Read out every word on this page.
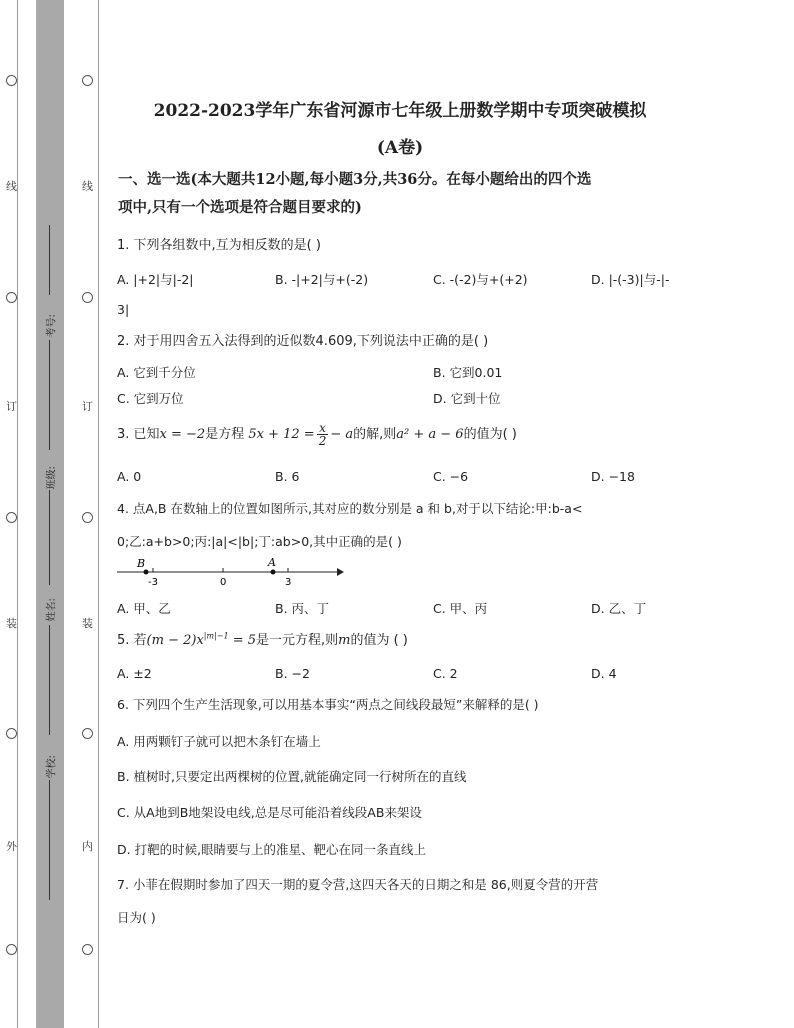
线
订
装
外
线
订
装
内
考号:
班级:
姓名:
学校:
2022-2023学年广东省河源市七年级上册数学期中专项突破模拟
(A卷)
一、选一选(本大题共12小题,每小题3分,共36分。在每小题给出的四个选
项中,只有一个选项是符合题目要求的)
1. 下列各组数中,互为相反数的是( )
A. |+2|与|-2|	B. -|+2|与+(-2)	C. -(-2)与+(+2)	D. |-(-3)|与-|-
3|
2. 对于用四舍五入法得到的近似数4.609,下列说法中正确的是( )
A. 它到千分位	B. 它到0.01
C. 它到万位	D. 它到十位
3. 已知x = −2是方程 $5x + 12 = \frac{x}{2} - a$的解,则a² + a − 6的值为( )
A. 0	B. 6	C. −6	D. −18
4. 点A,B 在数轴上的位置如图所示,其对应的数分别是 a 和 b,对于以下结论:甲:b-a<
0;乙:a+b>0;丙:|a|<|b|;丁:ab>0,其中正确的是( )
B	A
-3	0	3
A. 甲、乙	B. 丙、丁	C. 甲、丙	D. 乙、丁
5. 若$(m - 2)x^{|m|-1} = 5$是一元方程,则m的值为 ( )
A. ±2	B. −2	C. 2	D. 4
6. 下列四个生产生活现象,可以用基本事实“两点之间线段最短”来解释的是( )
A. 用两颗钉子就可以把木条钉在墙上
B. 植树时,只要定出两棵树的位置,就能确定同一行树所在的直线
C. 从A地到B地架设电线,总是尽可能沿着线段AB来架设
D. 打靶的时候,眼睛要与上的准星、靶心在同一条直线上
7. 小菲在假期时参加了四天一期的夏令营,这四天各天的日期之和是 86,则夏令营的开营
日为( )
